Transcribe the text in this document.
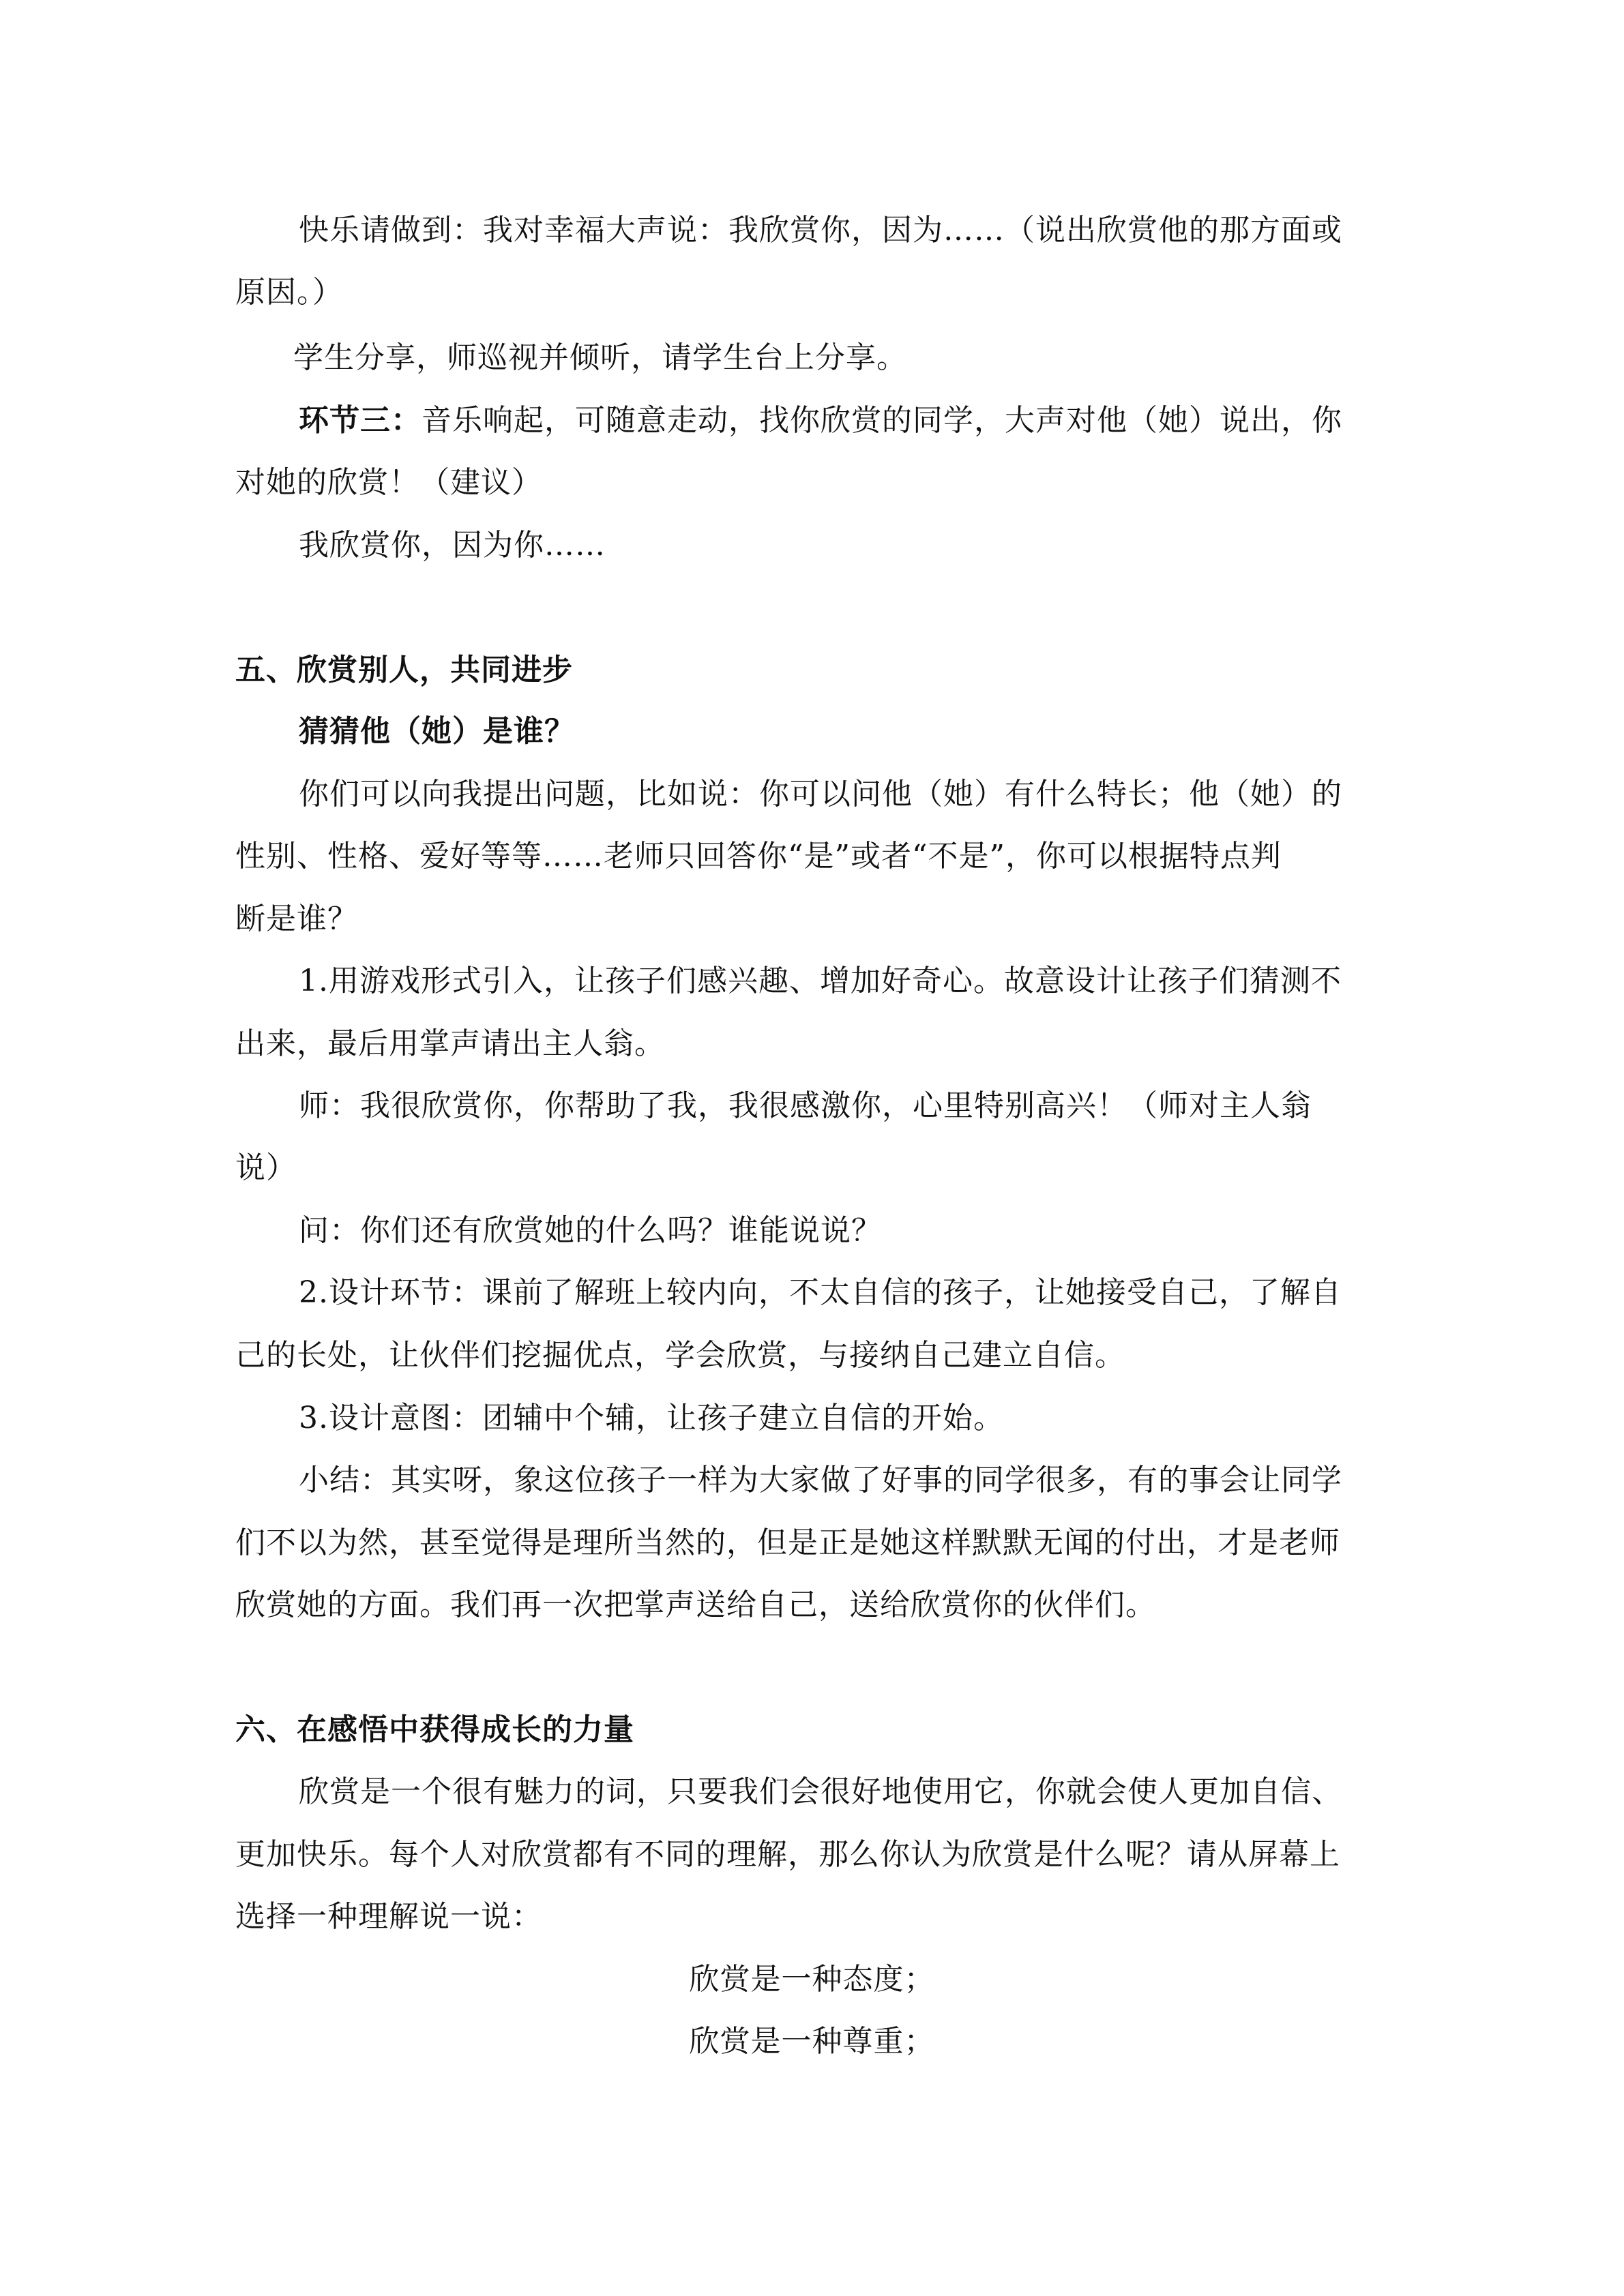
快乐请做到：我对幸福大声说：我欣赏你，因为……（说出欣赏他的那方面或
原因。）
学生分享，师巡视并倾听，请学生台上分享。
环节三：音乐响起，可随意走动，找你欣赏的同学，大声对他（她）说出，你
对她的欣赏！（建议）
我欣赏你，因为你……
五、欣赏别人，共同进步
猜猜他（她）是谁？
你们可以向我提出问题，比如说：你可以问他（她）有什么特长；他（她）的
性别、性格、爱好等等……老师只回答你“是”或者“不是”，你可以根据特点判
断是谁？
1.用游戏形式引入，让孩子们感兴趣、增加好奇心。故意设计让孩子们猜测不
出来，最后用掌声请出主人翁。
师：我很欣赏你，你帮助了我，我很感激你，心里特别高兴！（师对主人翁
说）
问：你们还有欣赏她的什么吗？谁能说说？
2.设计环节：课前了解班上较内向，不太自信的孩子，让她接受自己，了解自
己的长处，让伙伴们挖掘优点，学会欣赏，与接纳自己建立自信。
3.设计意图：团辅中个辅，让孩子建立自信的开始。
小结：其实呀，象这位孩子一样为大家做了好事的同学很多，有的事会让同学
们不以为然，甚至觉得是理所当然的，但是正是她这样默默无闻的付出，才是老师
欣赏她的方面。我们再一次把掌声送给自己，送给欣赏你的伙伴们。
六、在感悟中获得成长的力量
欣赏是一个很有魅力的词，只要我们会很好地使用它，你就会使人更加自信、
更加快乐。每个人对欣赏都有不同的理解，那么你认为欣赏是什么呢？请从屏幕上
选择一种理解说一说：
欣赏是一种态度；
欣赏是一种尊重；
